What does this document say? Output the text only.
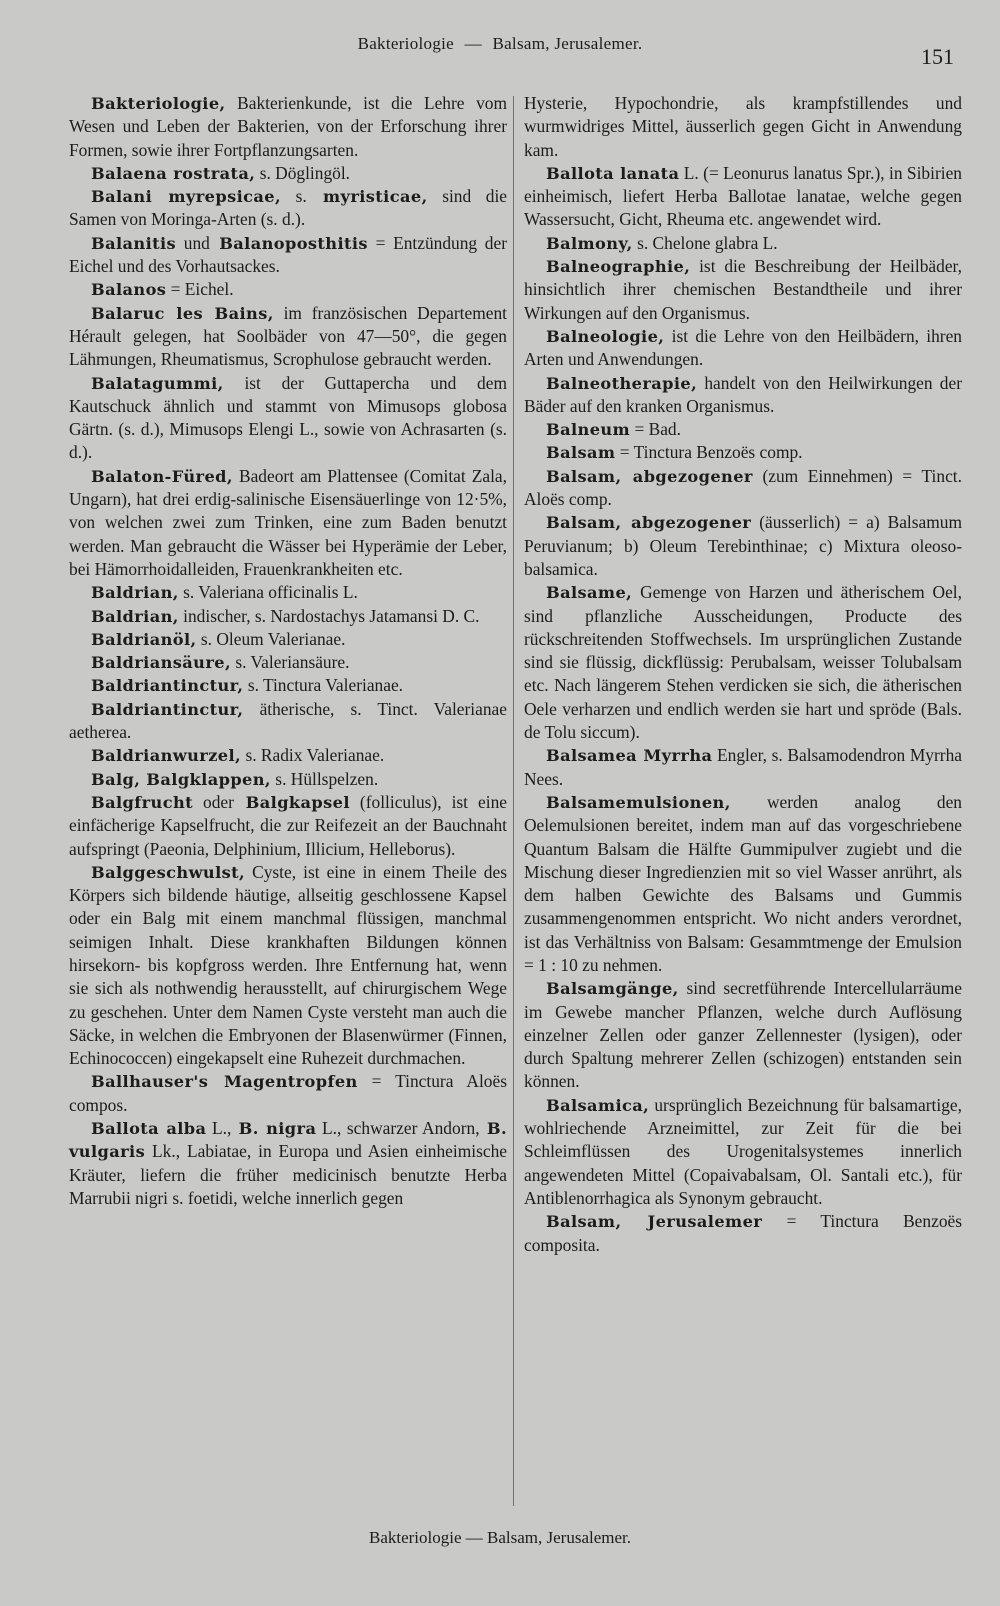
Bakteriologie — Balsam, Jerusalemer.
151

Bakteriologie, Bakterienkunde, ist die Lehre vom Wesen und Leben der Bakterien, von der Erforschung ihrer Formen, sowie ihrer Fortpflanzungsarten.

Balaena rostrata, s. Döglingöl.

Balani myrepsicae, s. myristicae, sind die Samen von Moringa-Arten (s. d.).

Balanitis und Balanoposthitis = Entzündung der Eichel und des Vorhautsackes.

Balanos = Eichel.

Balaruc les Bains, im französischen Departement Hérault gelegen, hat Soolbäder von 47—50°, die gegen Lähmungen, Rheumatismus, Scrophulose gebraucht werden.

Balatagummi, ist der Guttapercha und dem Kautschuck ähnlich und stammt von Mimusops globosa Gärtn. (s. d.), Mimusops Elengi L., sowie von Achrasarten (s. d.).

Balaton-Füred, Badeort am Plattensee (Comitat Zala, Ungarn), hat drei erdig-salinische Eisensäuerlinge von 12·5%, von welchen zwei zum Trinken, eine zum Baden benutzt werden. Man gebraucht die Wässer bei Hyperämie der Leber, bei Hämorrhoidalleiden, Frauenkrankheiten etc.

Baldrian, s. Valeriana officinalis L.

Baldrian, indischer, s. Nardostachys Jatamansi D. C.

Baldrianöl, s. Oleum Valerianae.

Baldriansäure, s. Valeriansäure.

Baldriantinctur, s. Tinctura Valerianae.

Baldriantinctur, ätherische, s. Tinct. Valerianae aetherea.

Baldrianwurzel, s. Radix Valerianae.

Balg, Balgklappen, s. Hüllspelzen.

Balgfrucht oder Balgkapsel (folliculus), ist eine einfächerige Kapselfrucht, die zur Reifezeit an der Bauchnaht aufspringt (Paeonia, Delphinium, Illicium, Helleborus).

Balggeschwulst, Cyste, ist eine in einem Theile des Körpers sich bildende häutige, allseitig geschlossene Kapsel oder ein Balg mit einem manchmal flüssigen, manchmal seimigen Inhalt. Diese krankhaften Bildungen können hirsekorn- bis kopfgross werden. Ihre Entfernung hat, wenn sie sich als nothwendig herausstellt, auf chirurgischem Wege zu geschehen. Unter dem Namen Cyste versteht man auch die Säcke, in welchen die Embryonen der Blasenwürmer (Finnen, Echinococcen) eingekapselt eine Ruhezeit durchmachen.

Ballhauser's Magentropfen = Tinctura Aloës compos.

Ballota alba L., B. nigra L., schwarzer Andorn, B. vulgaris Lk., Labiatae, in Europa und Asien einheimische Kräuter, liefern die früher medicinisch benutzte Herba Marrubii nigri s. foetidi, welche innerlich gegen

Hysterie, Hypochondrie, als krampfstillendes und wurmwidriges Mittel, äusserlich gegen Gicht in Anwendung kam.

Ballota lanata L. (= Leonurus lanatus Spr.), in Sibirien einheimisch, liefert Herba Ballotae lanatae, welche gegen Wassersucht, Gicht, Rheuma etc. angewendet wird.

Balmony, s. Chelone glabra L.

Balneographie, ist die Beschreibung der Heilbäder, hinsichtlich ihrer chemischen Bestandtheile und ihrer Wirkungen auf den Organismus.

Balneologie, ist die Lehre von den Heilbädern, ihren Arten und Anwendungen.

Balneotherapie, handelt von den Heilwirkungen der Bäder auf den kranken Organismus.

Balneum = Bad.

Balsam = Tinctura Benzoës comp.

Balsam, abgezogener (zum Einnehmen) = Tinct. Aloës comp.

Balsam, abgezogener (äusserlich) = a) Balsamum Peruvianum; b) Oleum Terebinthinae; c) Mixtura oleoso-balsamica.

Balsame, Gemenge von Harzen und ätherischem Oel, sind pflanzliche Ausscheidungen, Producte des rückschreitenden Stoffwechsels. Im ursprünglichen Zustande sind sie flüssig, dickflüssig: Perubalsam, weisser Tolubalsam etc. Nach längerem Stehen verdicken sie sich, die ätherischen Oele verharzen und endlich werden sie hart und spröde (Bals. de Tolu siccum).

Balsamea Myrrha Engler, s. Balsamodendron Myrrha Nees.

Balsamemulsionen, werden analog den Oelemulsionen bereitet, indem man auf das vorgeschriebene Quantum Balsam die Hälfte Gummipulver zugiebt und die Mischung dieser Ingredienzien mit so viel Wasser anrührt, als dem halben Gewichte des Balsams und Gummis zusammengenommen entspricht. Wo nicht anders verordnet, ist das Verhältniss von Balsam: Gesammtmenge der Emulsion = 1 : 10 zu nehmen.

Balsamgänge, sind secretführende Intercellularräume im Gewebe mancher Pflanzen, welche durch Auflösung einzelner Zellen oder ganzer Zellennester (lysigen), oder durch Spaltung mehrerer Zellen (schizogen) entstanden sein können.

Balsamica, ursprünglich Bezeichnung für balsamartige, wohlriechende Arzneimittel, zur Zeit für die bei Schleimflüssen des Urogenitalsystemes innerlich angewendeten Mittel (Copaivabalsam, Ol. Santali etc.), für Antiblenorrhagica als Synonym gebraucht.

Balsam, Jerusalemer = Tinctura Benzoës composita.

Bakteriologie — Balsam, Jerusalemer.
